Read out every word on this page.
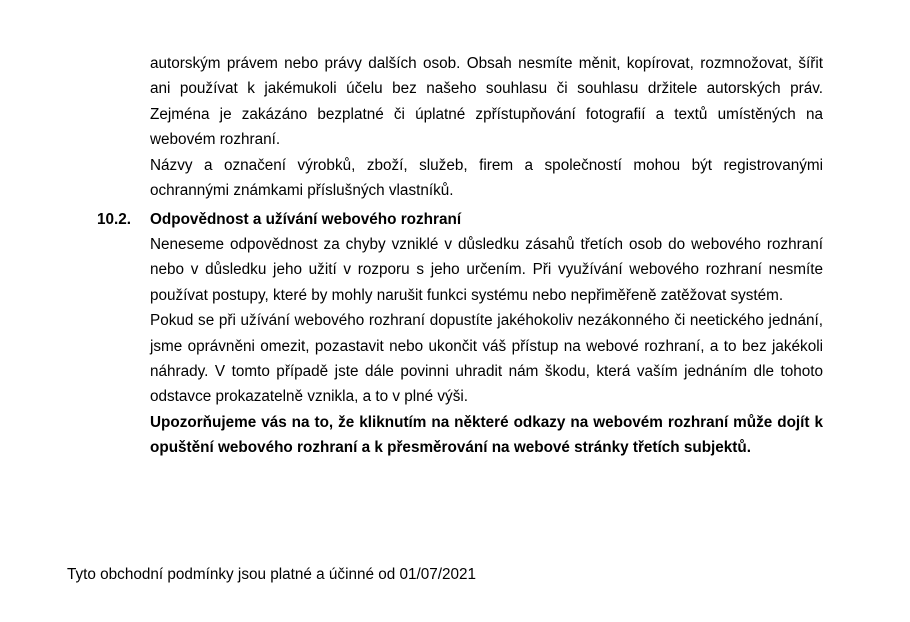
autorským právem nebo právy dalších osob. Obsah nesmíte měnit, kopírovat, rozmnožovat, šířit ani používat k jakémukoli účelu bez našeho souhlasu či souhlasu držitele autorských práv. Zejména je zakázáno bezplatné či úplatné zpřístupňování fotografií a textů umístěných na webovém rozhraní.

Názvy a označení výrobků, zboží, služeb, firem a společností mohou být registrovanými ochrannými známkami příslušných vlastníků.

10.2. Odpovědnost a užívání webového rozhraní

Neneseme odpovědnost za chyby vzniklé v důsledku zásahů třetích osob do webového rozhraní nebo v důsledku jeho užití v rozporu s jeho určením. Při využívání webového rozhraní nesmíte používat postupy, které by mohly narušit funkci systému nebo nepřiměřeně zatěžovat systém.

Pokud se při užívání webového rozhraní dopustíte jakéhokoliv nezákonného či neetického jednání, jsme oprávněni omezit, pozastavit nebo ukončit váš přístup na webové rozhraní, a to bez jakékoli náhrady. V tomto případě jste dále povinni uhradit nám škodu, která vaším jednáním dle tohoto odstavce prokazatelně vznikla, a to v plné výši.

Upozorňujeme vás na to, že kliknutím na některé odkazy na webovém rozhraní může dojít k opuštění webového rozhraní a k přesměrování na webové stránky třetích subjektů.

Tyto obchodní podmínky jsou platné a účinné od 01/07/2021
